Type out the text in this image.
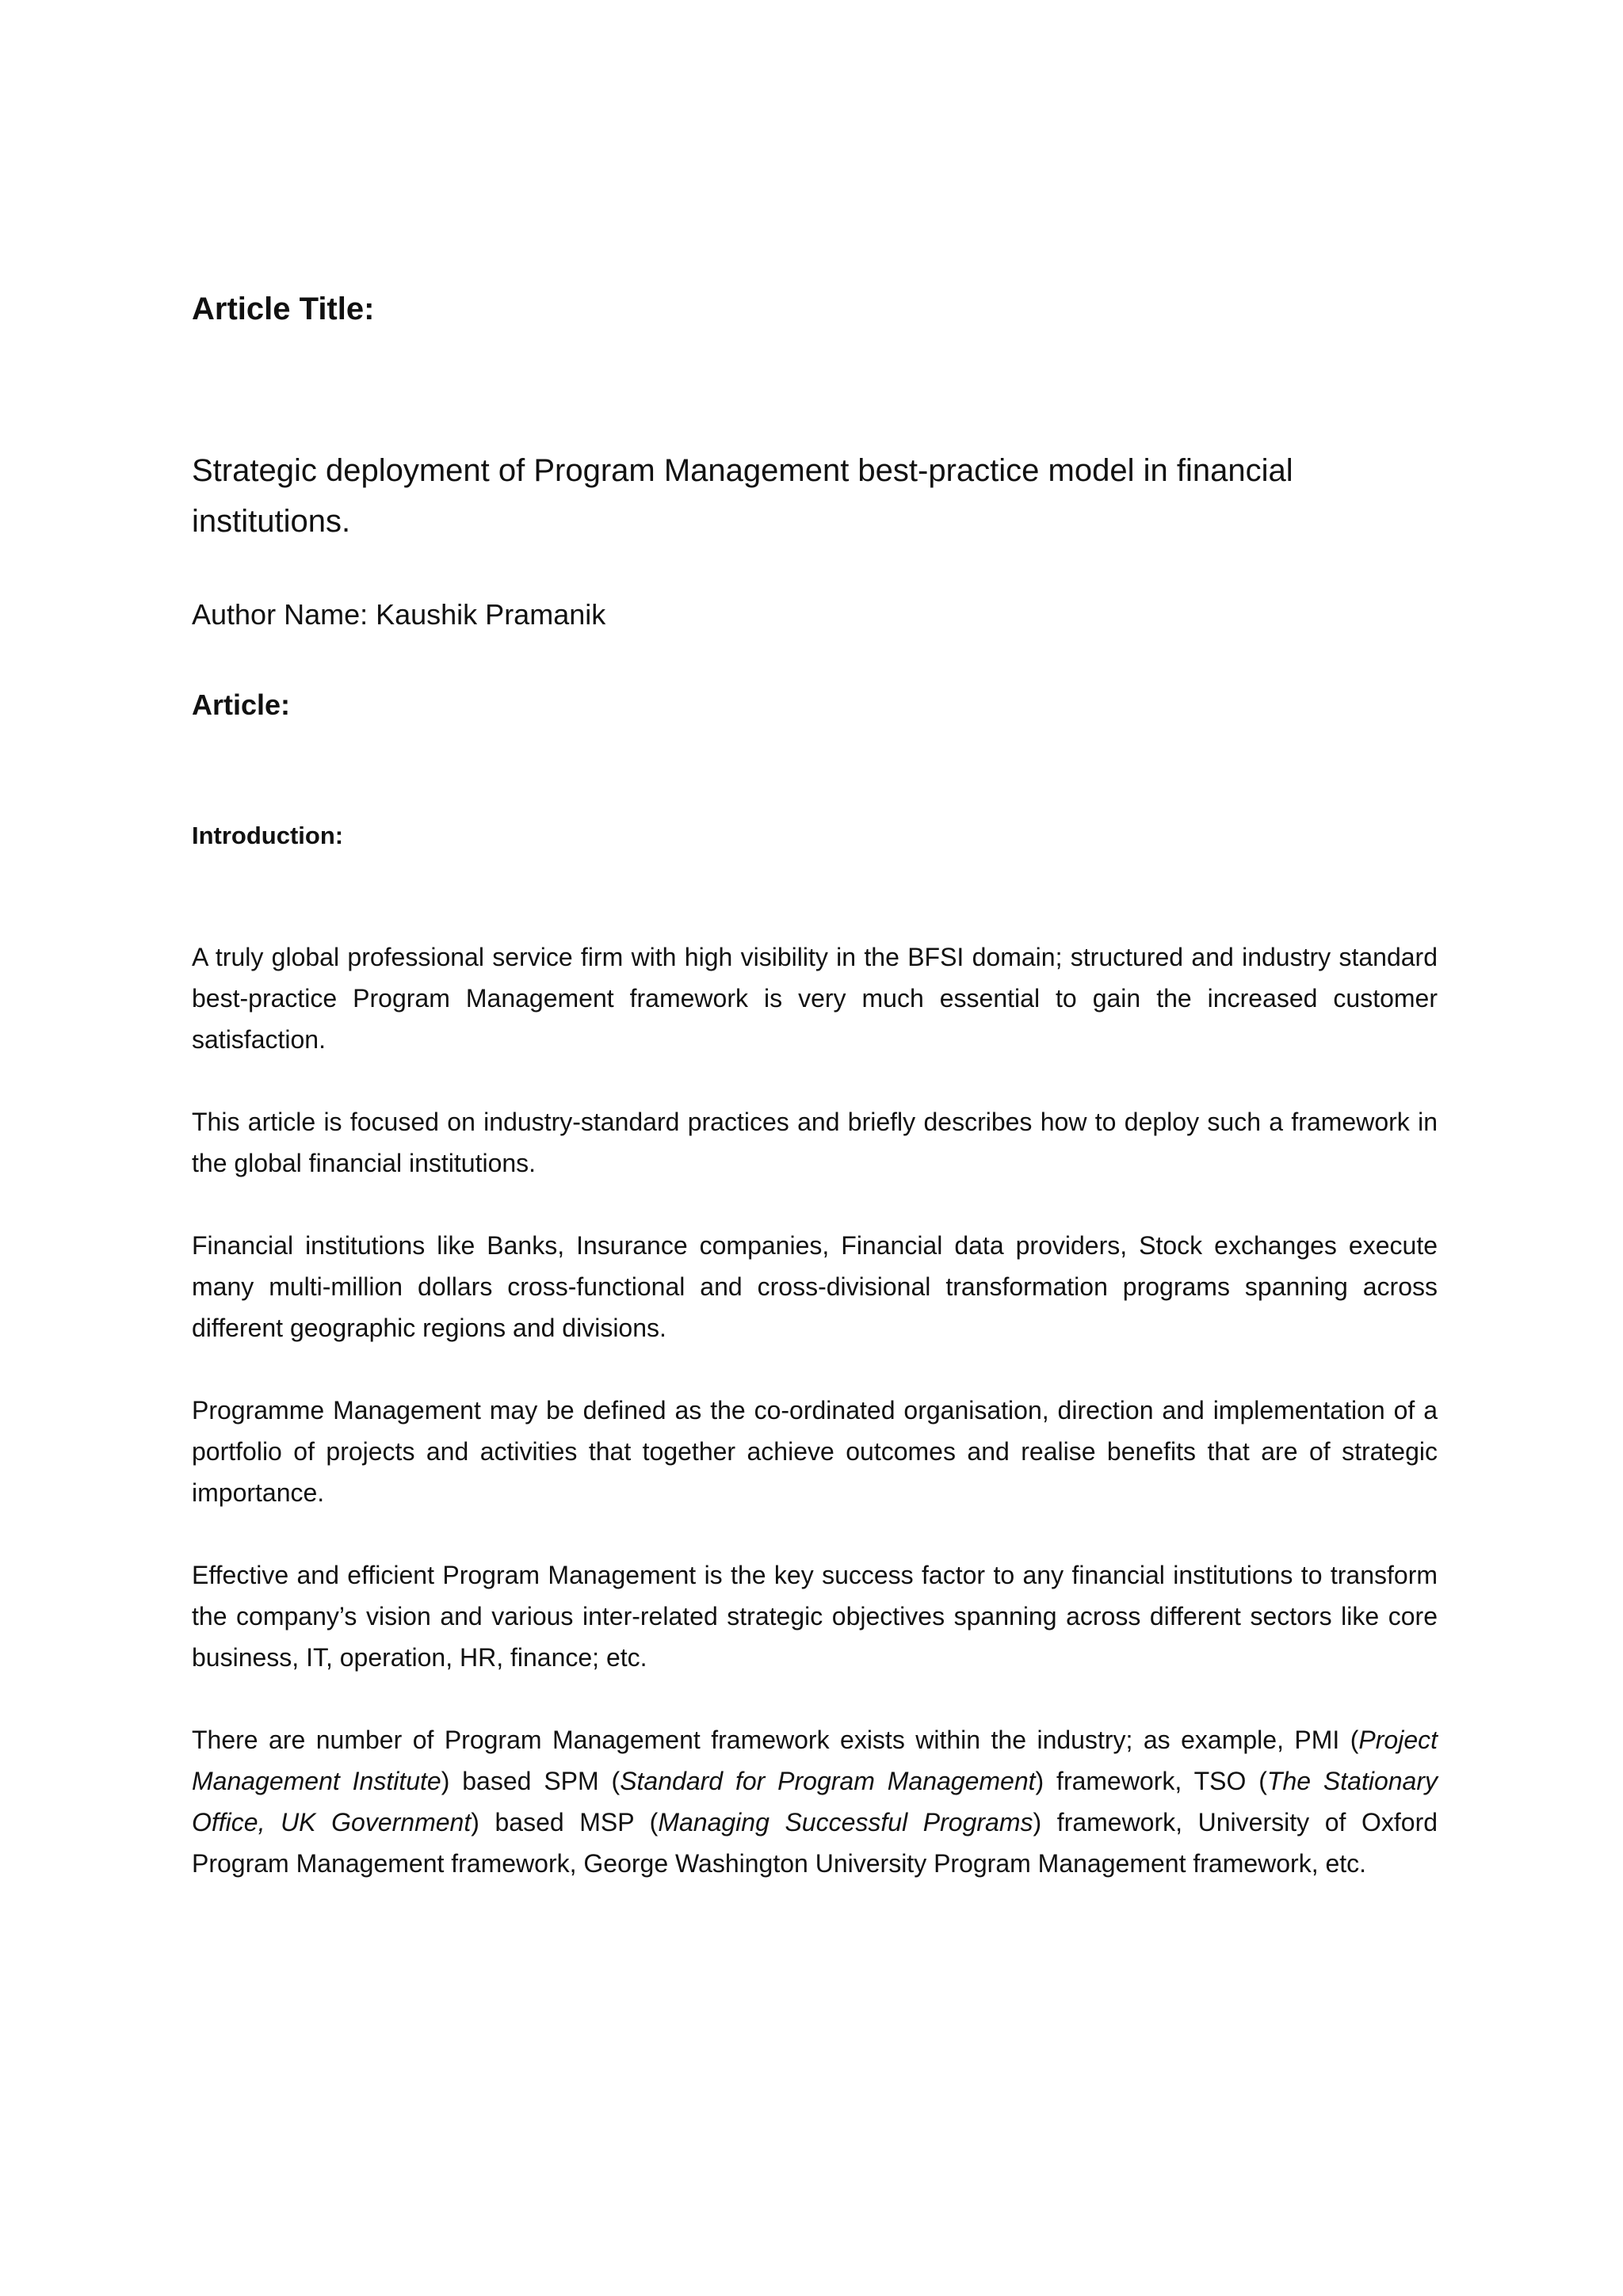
Article Title:
Strategic deployment of Program Management best-practice model in financial institutions.

Author Name: Kaushik Pramanik

Article:
Introduction:

A truly global professional service firm with high visibility in the BFSI domain; structured and industry standard best-practice Program Management framework is very much essential to gain the increased customer satisfaction.

This article is focused on industry-standard practices and briefly describes how to deploy such a framework in the global financial institutions.

Financial institutions like Banks, Insurance companies, Financial data providers, Stock exchanges execute many multi-million dollars cross-functional and cross-divisional transformation programs spanning across different geographic regions and divisions.

Programme Management may be defined as the co-ordinated organisation, direction and implementation of a portfolio of projects and activities that together achieve outcomes and realise benefits that are of strategic importance.

Effective and efficient Program Management is the key success factor to any financial institutions to transform the company’s vision and various inter-related strategic objectives spanning across different sectors like core business, IT, operation, HR, finance; etc.

There are number of Program Management framework exists within the industry; as example, PMI (Project Management Institute) based SPM (Standard for Program Management) framework, TSO (The Stationary Office, UK Government) based MSP (Managing Successful Programs) framework, University of Oxford Program Management framework, George Washington University Program Management framework, etc.
